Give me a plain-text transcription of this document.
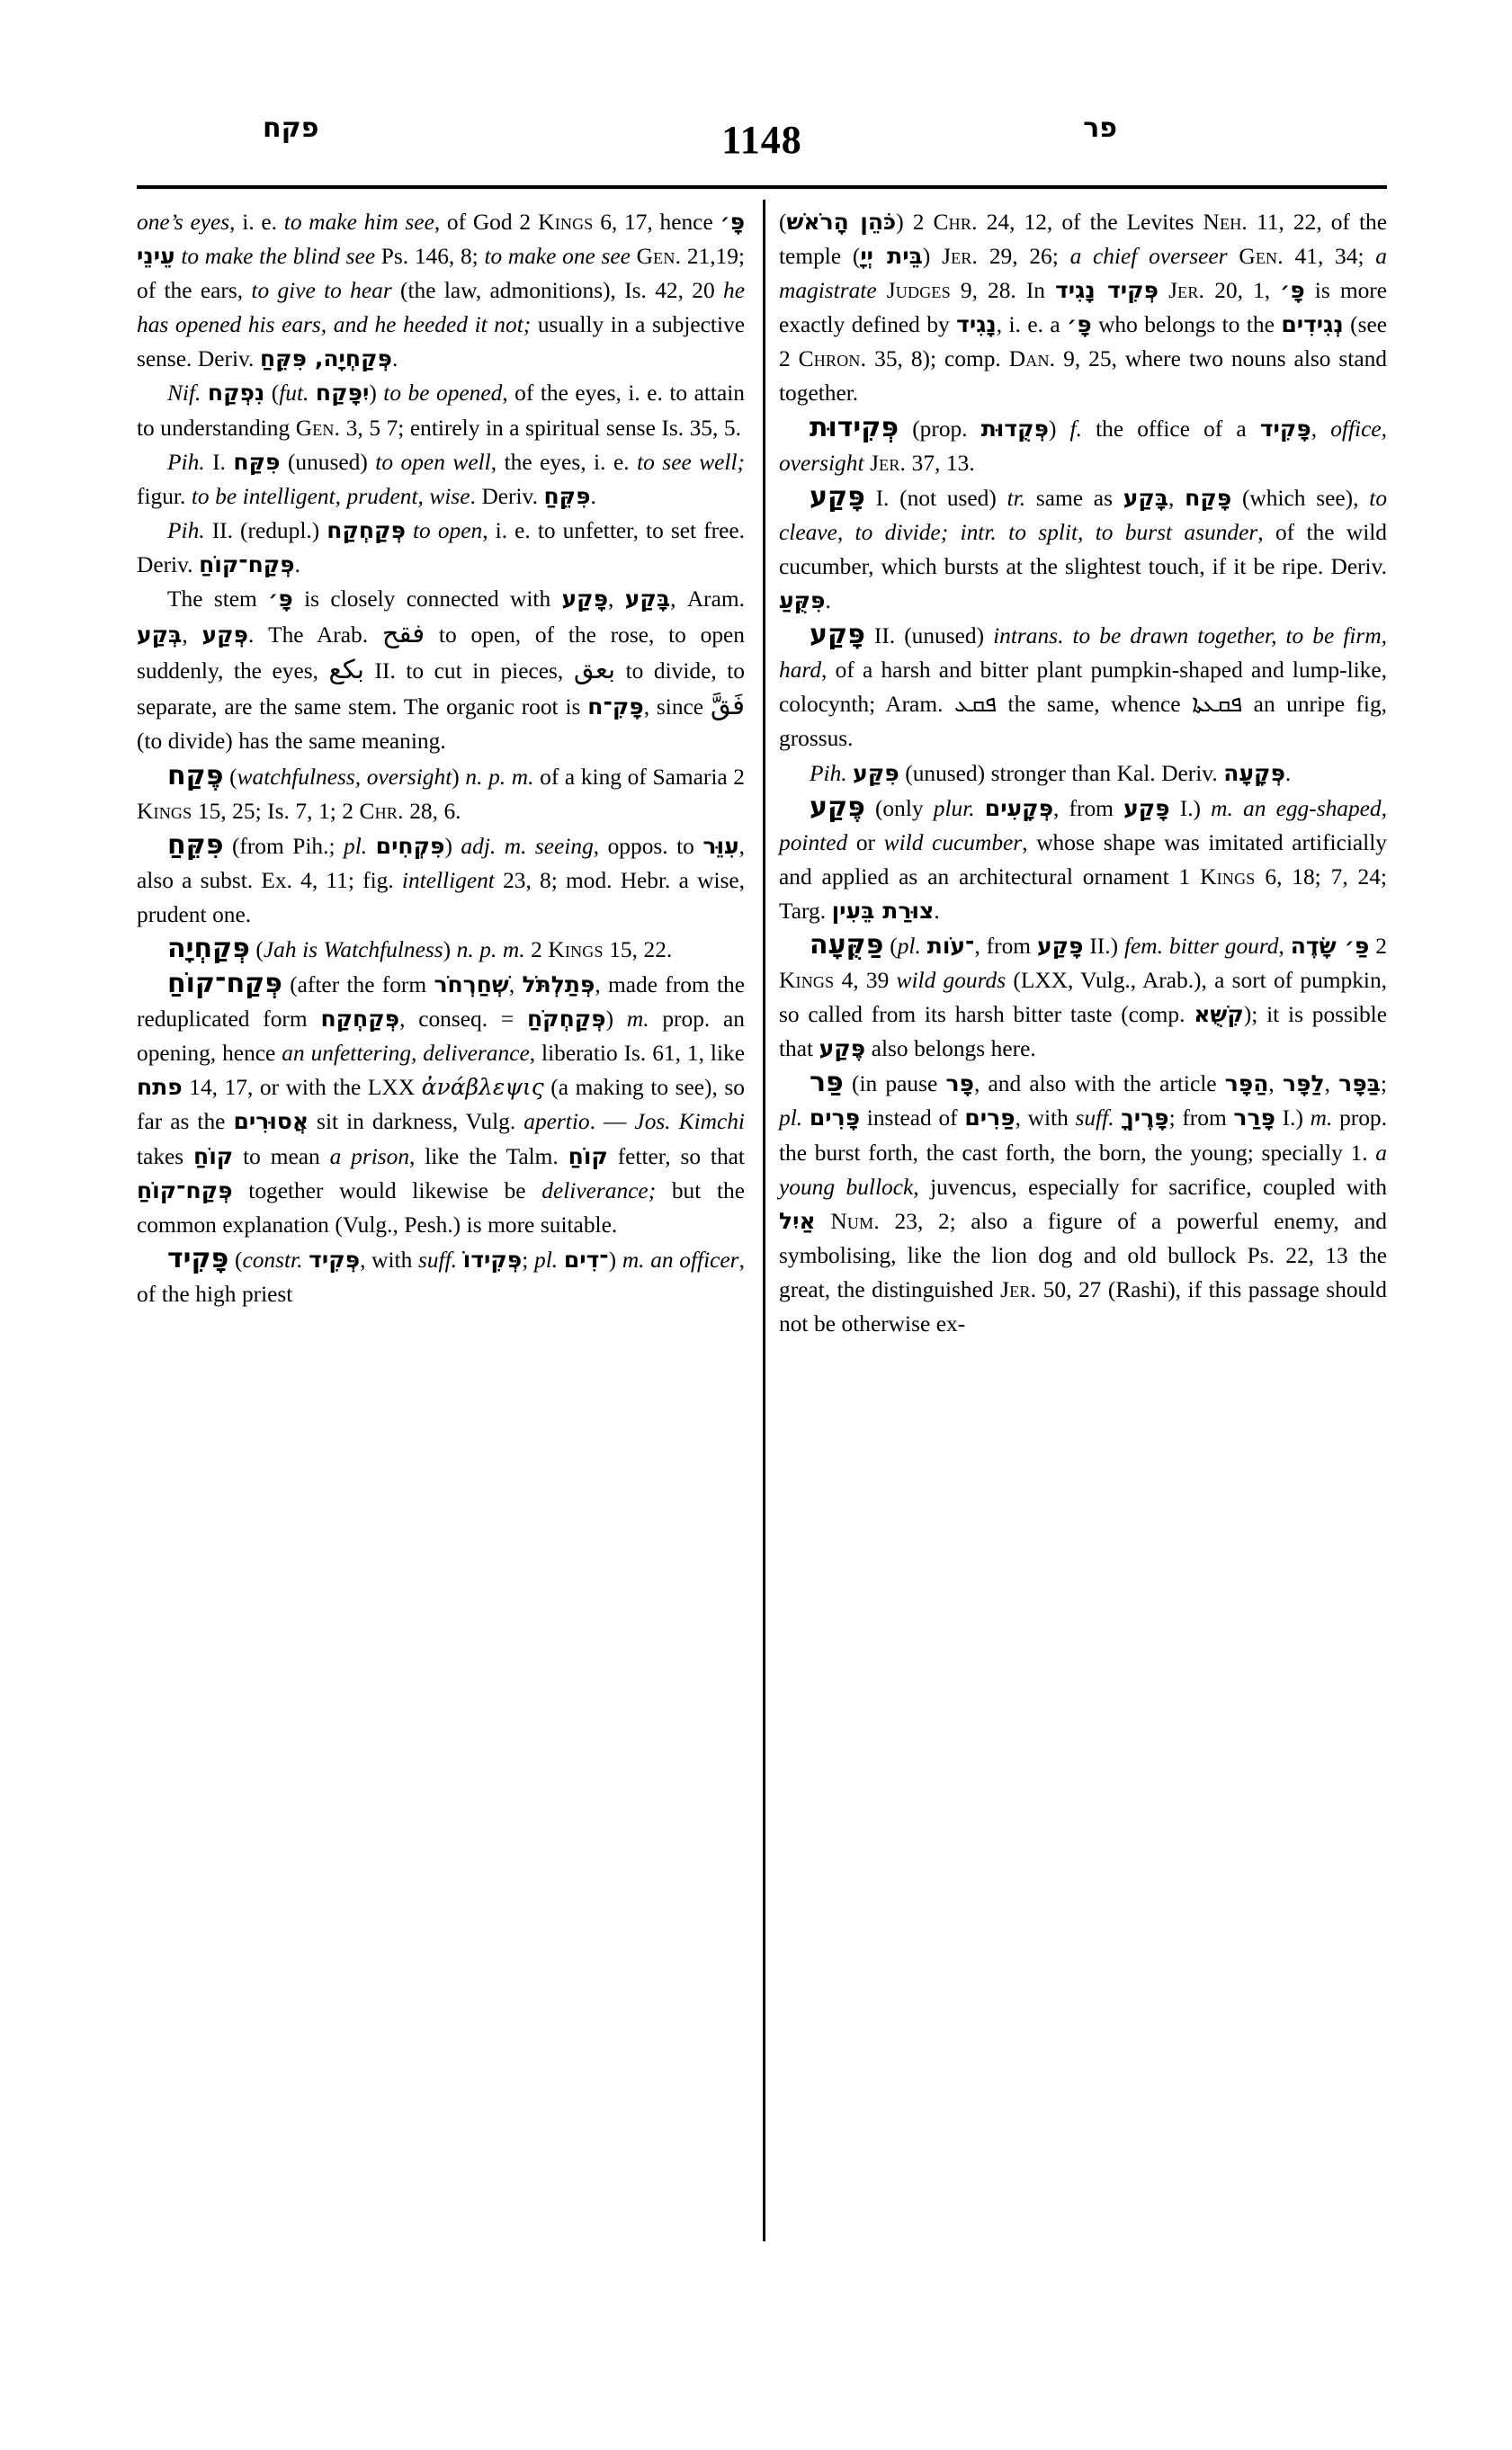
פקח	1148	פר

one’s eyes, i. e. to make him see, of God 2 Kings 6, 17, hence פָּ׳ עֵינֵי to make the blind see Ps. 146, 8; to make one see Gen. 21,19; of the ears, to give to hear (the law, admonitions), Is. 42, 20 he has opened his ears, and he heeded it not; usually in a subjective sense. Deriv. פְּקַחְיָה, פִּקֵּחַ.

Nif. נִפְקַח (fut. יִפָּקַח) to be opened, of the eyes, i. e. to attain to understanding Gen. 3, 5 7; entirely in a spiritual sense Is. 35, 5.

Pih. I. פִּקַּח (unused) to open well, the eyes, i. e. to see well; figur. to be intelligent, prudent, wise. Deriv. פִּקֵּחַ.

Pih. II. (redupl.) פְּקַחְקַח to open, i. e. to unfetter, to set free. Deriv. פְּקַח־קוֹחַ.

The stem פָּ׳ is closely connected with פָּקַע, בָּקַע, Aram. בְּקַע, פְּקַע. The Arab. فقح to open, of the rose, to open suddenly, the eyes, بكع II. to cut in pieces, بعق to divide, to separate, are the same stem. The organic root is פָּקִ־ח, since فَقَّ (to divide) has the same meaning.

פֶּקַח (watchfulness, oversight) n. p. m. of a king of Samaria 2 Kings 15, 25; Is. 7, 1; 2 Chr. 28, 6.

פִּקֵּחַ (from Pih.; pl. פִּקְחִים) adj. m. seeing, oppos. to עִוֵּר, also a subst. Ex. 4, 11; fig. intelligent 23, 8; mod. Hebr. a wise, prudent one.

פְּקַחְיָה (Jah is Watchfulness) n. p. m. 2 Kings 15, 22.

פְּקַח־קוֹחַ (after the form שְׁחַרְחֹר, פְּתַלְתֹּל, made from the reduplicated form פְּקַחְקַח, conseq. = פְּקַחְקֹחַ) m. prop. an opening, hence an unfettering, deliverance, liberatio Is. 61, 1, like פתח 14, 17, or with the LXX ἀνάβλεψις (a making to see), so far as the אֲסוּרִים sit in darkness, Vulg. apertio. — Jos. Kimchi takes קוֹחַ to mean a prison, like the Talm. קוֹחַ fetter, so that פְּקַח־קוֹחַ together would likewise be deliverance; but the common explanation (Vulg., Pesh.) is more suitable.

פָּקִיד (constr. פְּקִיד, with suff. פְּקִידוֹ; pl. ־דִים) m. an officer, of the high priest

(כֹּהֵן הָרֹאשׁ) 2 Chr. 24, 12, of the Levites Neh. 11, 22, of the temple (בֵּית יְיָ) Jer. 29, 26; a chief overseer Gen. 41, 34; a magistrate Judges 9, 28. In פְּקִיד נָגִיד Jer. 20, 1, פָּ׳ is more exactly defined by נָגִיד, i. e. a פָּ׳ who belongs to the נְגִידִים (see 2 Chron. 35, 8); comp. Dan. 9, 25, where two nouns also stand together.

פְּקִידוּת (prop. פְּקֻדוּת) f. the office of a פָּקִיד, office, oversight Jer. 37, 13.

פָּקַע I. (not used) tr. same as בָּקַע, פָּקַח (which see), to cleave, to divide; intr. to split, to burst asunder, of the wild cucumber, which bursts at the slightest touch, if it be ripe. Deriv. פִּקֻּעַ.

פָּקַע II. (unused) intrans. to be drawn together, to be firm, hard, of a harsh and bitter plant pumpkin-shaped and lump-like, colocynth; Aram. ܦܩܥ the same, whence ܦܩܥܬܐ an unripe fig, grossus.

Pih. פִּקַּע (unused) stronger than Kal. Deriv. פְּקָעָה.

פֶּקַע (only plur. פְּקָעִים, from פָּקַע I.) m. an egg-shaped, pointed or wild cucumber, whose shape was imitated artificially and applied as an architectural ornament 1 Kings 6, 18; 7, 24; Targ. צוּרַת בֵּעִין.

פַּקֻּעָה (pl. ־עֹות, from פָּקַע II.) fem. bitter gourd, פַּ׳ שָׂדֶה 2 Kings 4, 39 wild gourds (LXX, Vulg., Arab.), a sort of pumpkin, so called from its harsh bitter taste (comp. קִשֻּׁא); it is possible that פֶּקַע also belongs here.

פַּר (in pause פָּר, and also with the article הַפָּר, לַפָּר, בַּפָּר; pl. פָּרִים instead of פַּרִים, with suff. פָּרֶיךָ; from פָּרַר I.) m. prop. the burst forth, the cast forth, the born, the young; specially 1. a young bullock, juvencus, especially for sacrifice, coupled with אַיִל Num. 23, 2; also a figure of a powerful enemy, and symbolising, like the lion dog and old bullock Ps. 22, 13 the great, the distinguished Jer. 50, 27 (Rashi), if this passage should not be otherwise ex-
